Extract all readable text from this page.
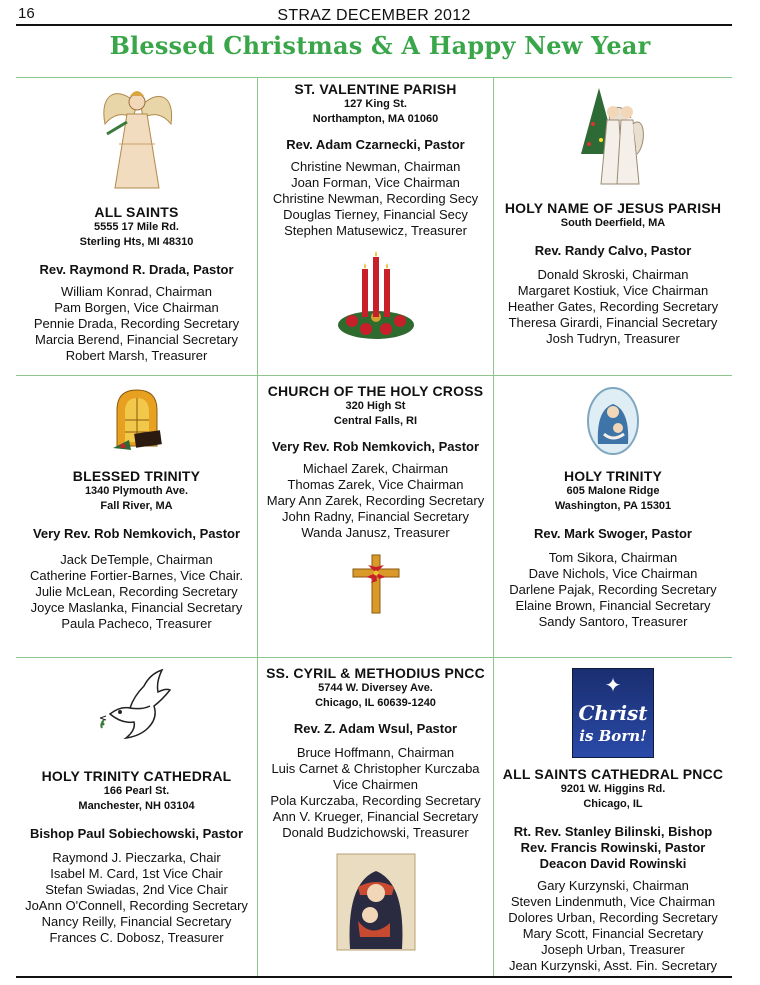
16	STRAZ DECEMBER 2012
Blessed Christmas & A Happy New Year
ALL SAINTS
5555 17 Mile Rd.
Sterling Hts, MI 48310
Rev. Raymond R. Drada, Pastor
William Konrad, Chairman
Pam Borgen, Vice Chairman
Pennie Drada, Recording Secretary
Marcia Berend, Financial Secretary
Robert Marsh, Treasurer
ST. VALENTINE PARISH
127 King St.
Northampton, MA 01060
Rev. Adam Czarnecki, Pastor
Christine Newman, Chairman
Joan Forman, Vice Chairman
Christine Newman, Recording Secy
Douglas Tierney, Financial Secy
Stephen Matusewicz, Treasurer
HOLY NAME OF JESUS PARISH
South Deerfield, MA
Rev. Randy Calvo, Pastor
Donald Skroski, Chairman
Margaret Kostiuk, Vice Chairman
Heather Gates, Recording Secretary
Theresa Girardi, Financial Secretary
Josh Tudryn, Treasurer
BLESSED TRINITY
1340 Plymouth Ave.
Fall River, MA
Very Rev. Rob Nemkovich, Pastor
Jack DeTemple, Chairman
Catherine Fortier-Barnes, Vice Chair.
Julie McLean, Recording Secretary
Joyce Maslanka, Financial Secretary
Paula Pacheco, Treasurer
CHURCH OF THE HOLY CROSS
320 High St
Central Falls, RI
Very Rev. Rob Nemkovich, Pastor
Michael Zarek, Chairman
Thomas Zarek, Vice Chairman
Mary Ann Zarek, Recording Secretary
John Radny, Financial Secretary
Wanda Janusz, Treasurer
HOLY TRINITY
605 Malone Ridge
Washington, PA 15301
Rev. Mark Swoger, Pastor
Tom Sikora, Chairman
Dave Nichols, Vice Chairman
Darlene Pajak, Recording Secretary
Elaine Brown, Financial Secretary
Sandy Santoro, Treasurer
HOLY TRINITY CATHEDRAL
166 Pearl St.
Manchester, NH 03104
Bishop Paul Sobiechowski, Pastor
Raymond J. Pieczarka, Chair
Isabel M. Card, 1st Vice Chair
Stefan Swiadas, 2nd Vice Chair
JoAnn O'Connell, Recording Secretary
Nancy Reilly, Financial Secretary
Frances C. Dobosz, Treasurer
SS. CYRIL & METHODIUS PNCC
5744 W. Diversey Ave.
Chicago, IL 60639-1240
Rev. Z. Adam Wsul, Pastor
Bruce Hoffmann, Chairman
Luis Carnet & Christopher Kurczaba
Vice Chairmen
Pola Kurczaba, Recording Secretary
Ann V. Krueger, Financial Secretary
Donald Budzichowski, Treasurer
✦
Christ
is Born!
ALL SAINTS CATHEDRAL PNCC
9201 W. Higgins Rd.
Chicago, IL
Rt. Rev. Stanley Bilinski, Bishop
Rev. Francis Rowinski, Pastor
Deacon David Rowinski
Gary Kurzynski, Chairman
Steven Lindenmuth, Vice Chairman
Dolores Urban, Recording Secretary
Mary Scott, Financial Secretary
Joseph Urban, Treasurer
Jean Kurzynski, Asst. Fin. Secretary
